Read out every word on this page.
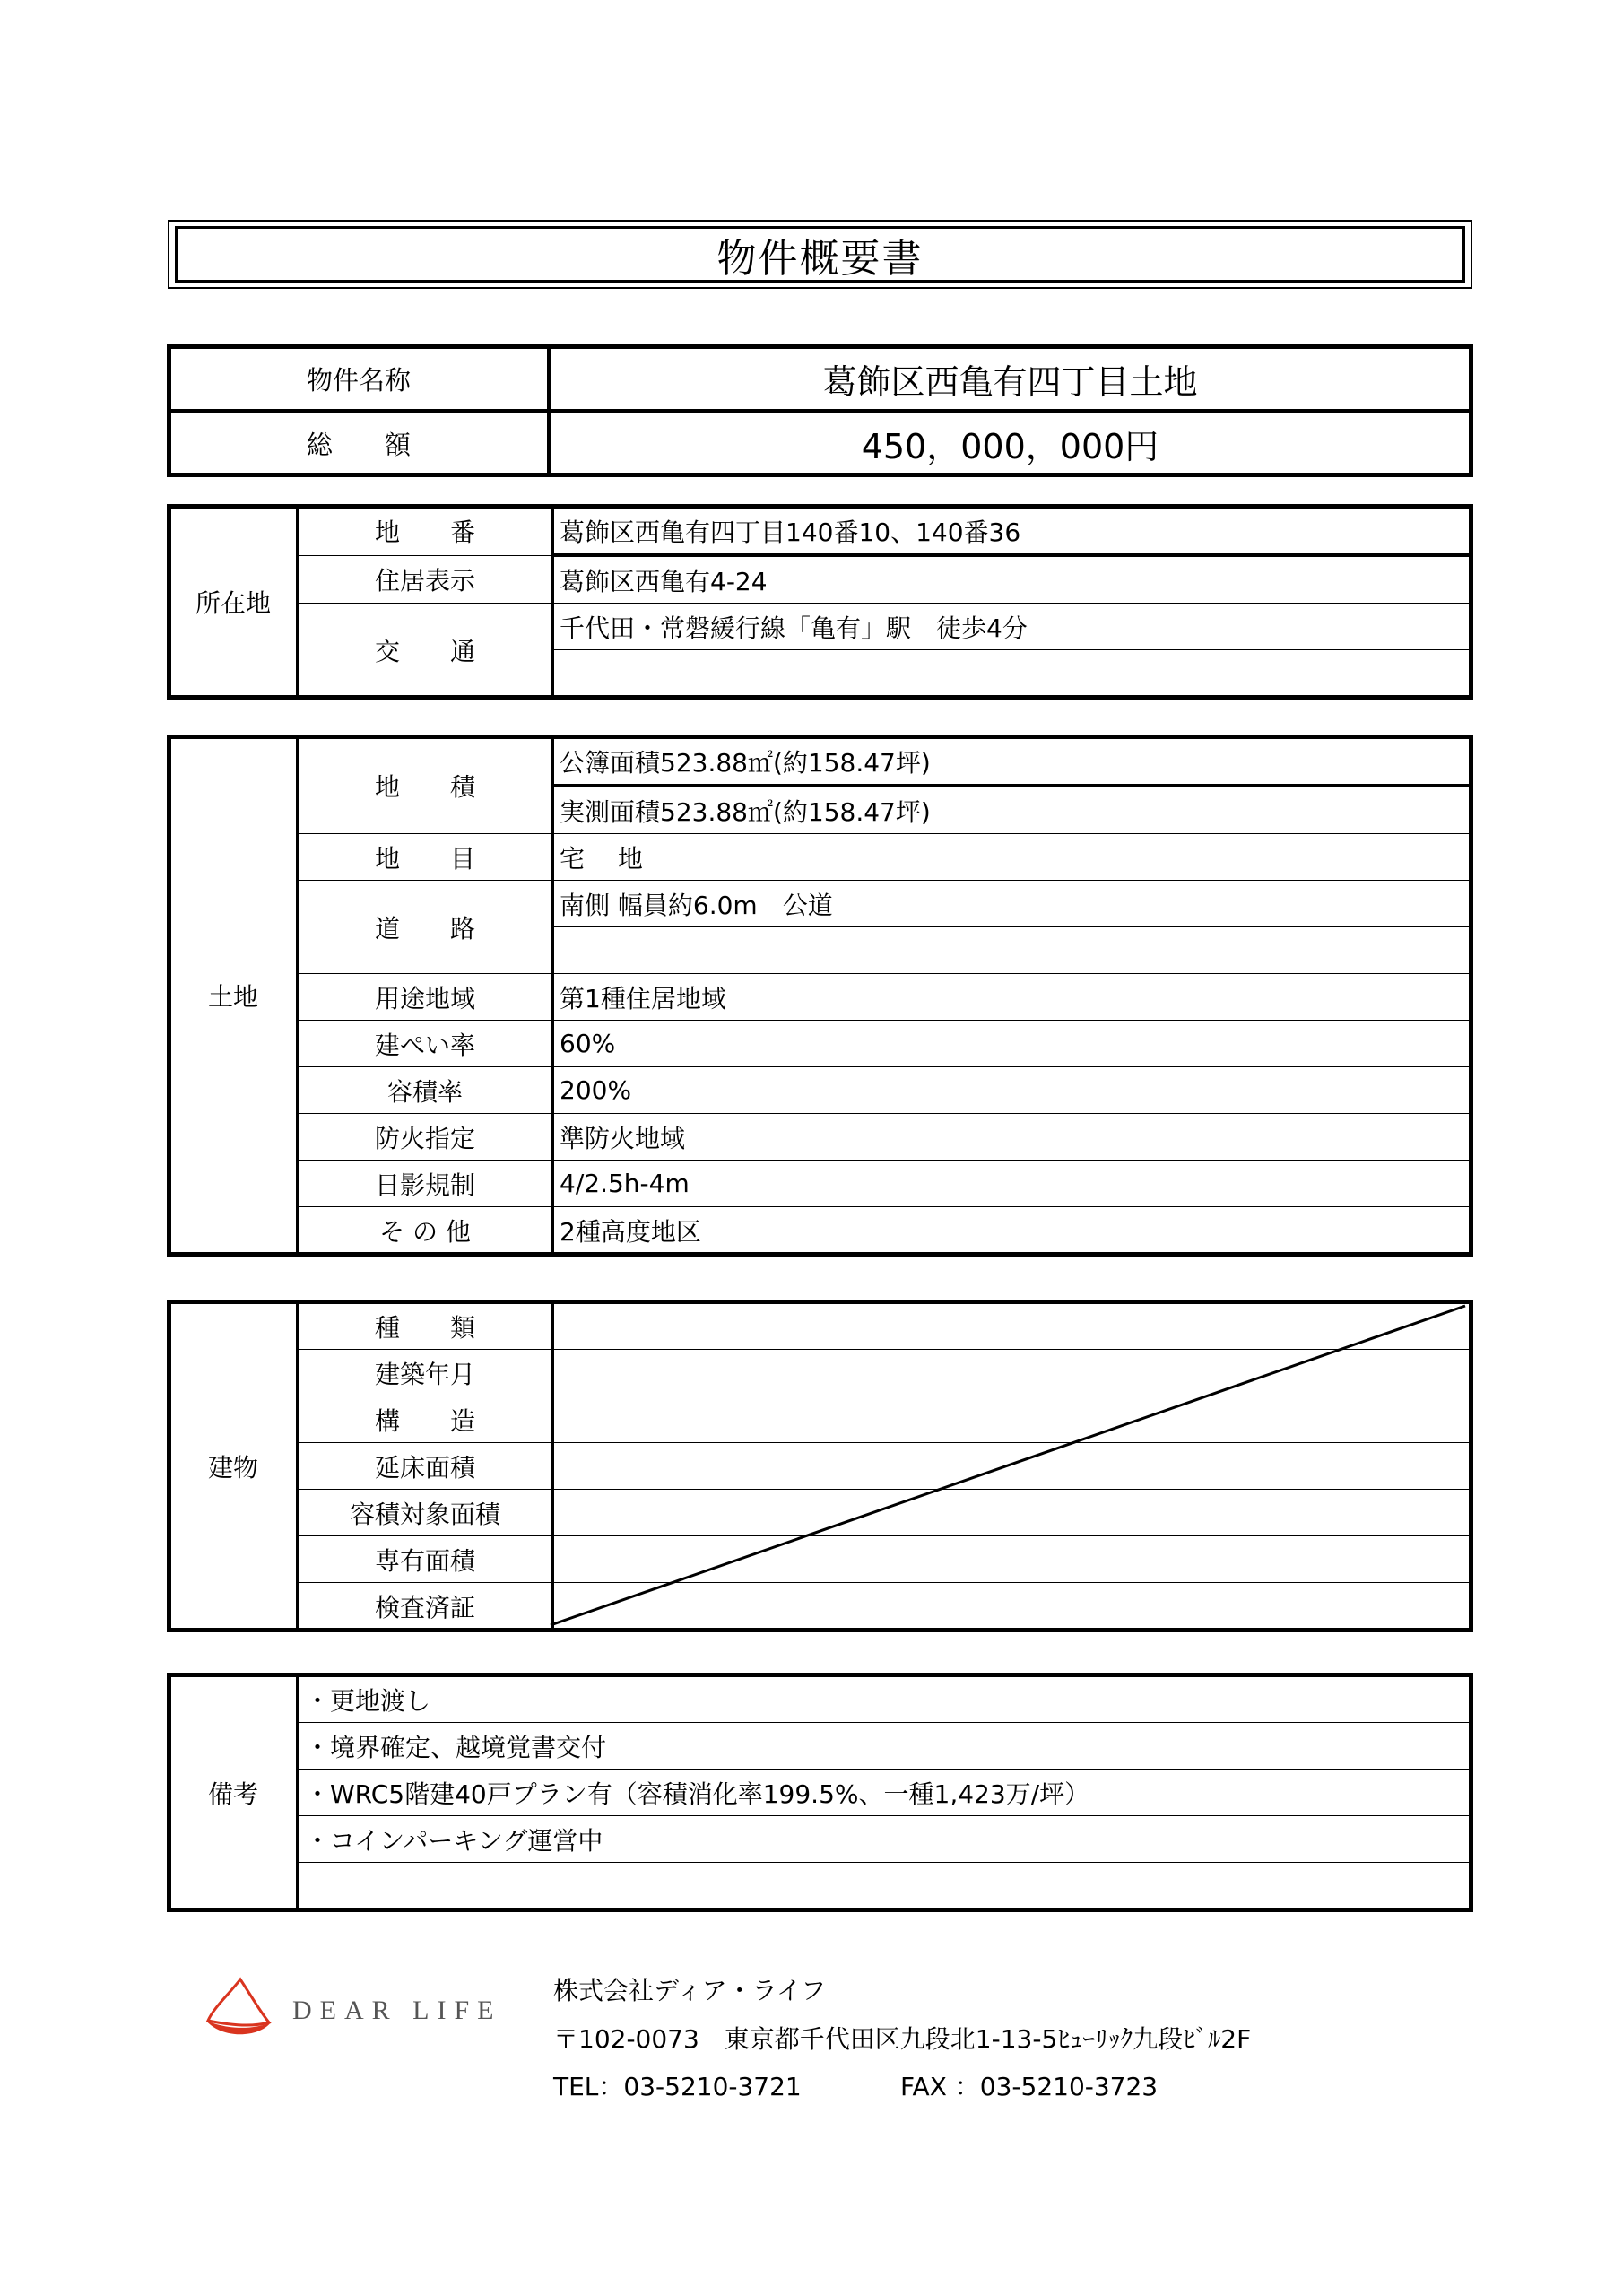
物件概要書
物件名称	葛飾区西亀有四丁目土地
総　　額	450，000，000円
所在地	地　　番	葛飾区西亀有四丁目140番10、140番36
	住居表示	葛飾区西亀有4-24
	交　　通	千代田・常磐緩行線「亀有」駅　徒歩4分

土地	地　　積	公簿面積523.88㎡(約158.47坪)
		実測面積523.88㎡(約158.47坪)
	地　　目	宅　 地
	道　　路	南側 幅員約6.0m　公道

	用途地域	第1種住居地域
	建ぺい率	60%
	容積率	200%
	防火指定	準防火地域
	日影規制	4/2.5h-4m
	そ の 他	2種高度地区
建物	種　　類	
	建築年月	
	構　　造	
	延床面積	
	容積対象面積	
	専有面積	
	検査済証	
備考	・更地渡し
・境界確定、越境覚書交付
・WRC5階建40戸プラン有（容積消化率199.5%、一種1,423万/坪）
・コインパーキング運営中

DEAR LIFE
株式会社ディア・ライフ
〒102-0073　東京都千代田区九段北1-13-5ﾋｭｰﾘｯｸ九段ﾋﾞﾙ2F
TEL：03-5210-3721	FAX ：03-5210-3723
